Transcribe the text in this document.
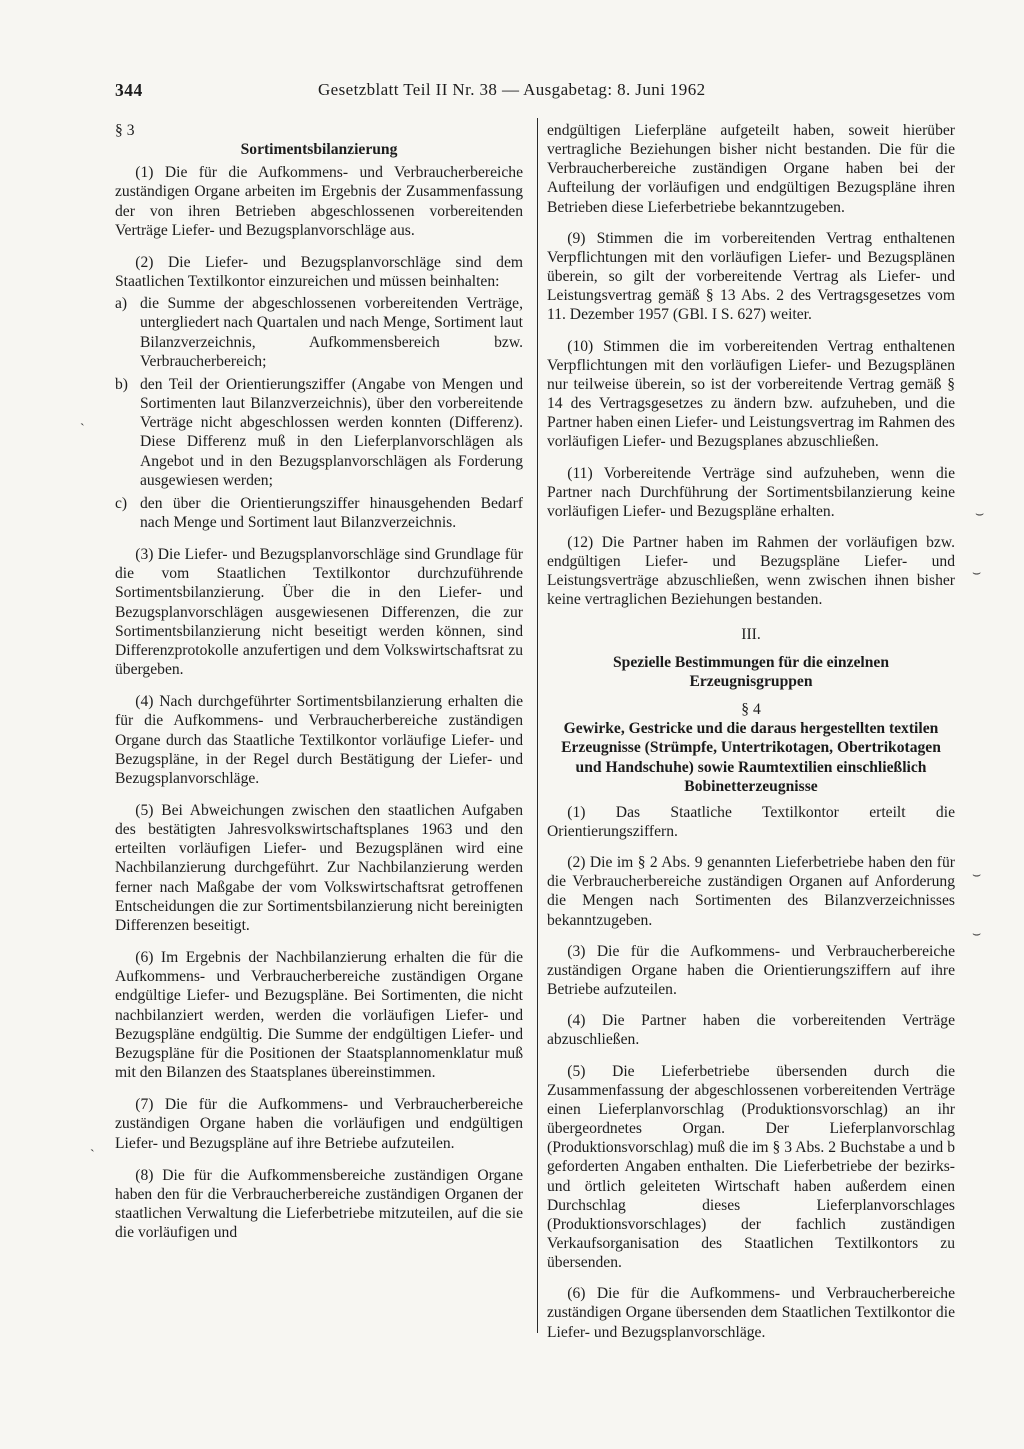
344	Gesetzblatt Teil II Nr. 38 — Ausgabetag: 8. Juni 1962

§ 3

Sortimentsbilanzierung

(1) Die für die Aufkommens- und Verbraucherbereiche zuständigen Organe arbeiten im Ergebnis der Zusammenfassung der von ihren Betrieben abgeschlossenen vorbereitenden Verträge Liefer- und Bezugsplanvorschläge aus.

(2) Die Liefer- und Bezugsplanvorschläge sind dem Staatlichen Textilkontor einzureichen und müssen beinhalten:

a) die Summe der abgeschlossenen vorbereitenden Verträge, untergliedert nach Quartalen und nach Menge, Sortiment laut Bilanzverzeichnis, Aufkommensbereich bzw. Verbraucherbereich;

b) den Teil der Orientierungsziffer (Angabe von Mengen und Sortimenten laut Bilanzverzeichnis), über den vorbereitende Verträge nicht abgeschlossen werden konnten (Differenz). Diese Differenz muß in den Lieferplanvorschlägen als Angebot und in den Bezugsplanvorschlägen als Forderung ausgewiesen werden;

c) den über die Orientierungsziffer hinausgehenden Bedarf nach Menge und Sortiment laut Bilanzverzeichnis.

(3) Die Liefer- und Bezugsplanvorschläge sind Grundlage für die vom Staatlichen Textilkontor durchzuführende Sortimentsbilanzierung. Über die in den Liefer- und Bezugsplanvorschlägen ausgewiesenen Differenzen, die zur Sortimentsbilanzierung nicht beseitigt werden können, sind Differenzprotokolle anzufertigen und dem Volkswirtschaftsrat zu übergeben.

(4) Nach durchgeführter Sortimentsbilanzierung erhalten die für die Aufkommens- und Verbraucherbereiche zuständigen Organe durch das Staatliche Textilkontor vorläufige Liefer- und Bezugspläne, in der Regel durch Bestätigung der Liefer- und Bezugsplanvorschläge.

(5) Bei Abweichungen zwischen den staatlichen Aufgaben des bestätigten Jahresvolkswirtschaftsplanes 1963 und den erteilten vorläufigen Liefer- und Bezugsplänen wird eine Nachbilanzierung durchgeführt. Zur Nachbilanzierung werden ferner nach Maßgabe der vom Volkswirtschaftsrat getroffenen Entscheidungen die zur Sortimentsbilanzierung nicht bereinigten Differenzen beseitigt.

(6) Im Ergebnis der Nachbilanzierung erhalten die für die Aufkommens- und Verbraucherbereiche zuständigen Organe endgültige Liefer- und Bezugspläne. Bei Sortimenten, die nicht nachbilanziert werden, werden die vorläufigen Liefer- und Bezugspläne endgültig. Die Summe der endgültigen Liefer- und Bezugspläne für die Positionen der Staatsplannomenklatur muß mit den Bilanzen des Staatsplanes übereinstimmen.

(7) Die für die Aufkommens- und Verbraucherbereiche zuständigen Organe haben die vorläufigen und endgültigen Liefer- und Bezugspläne auf ihre Betriebe aufzuteilen.

(8) Die für die Aufkommensbereiche zuständigen Organe haben den für die Verbraucherbereiche zuständigen Organen der staatlichen Verwaltung die Lieferbetriebe mitzuteilen, auf die sie die vorläufigen und

endgültigen Lieferpläne aufgeteilt haben, soweit hierüber vertragliche Beziehungen bisher nicht bestanden. Die für die Verbraucherbereiche zuständigen Organe haben bei der Aufteilung der vorläufigen und endgültigen Bezugspläne ihren Betrieben diese Lieferbetriebe bekanntzugeben.

(9) Stimmen die im vorbereitenden Vertrag enthaltenen Verpflichtungen mit den vorläufigen Liefer- und Bezugsplänen überein, so gilt der vorbereitende Vertrag als Liefer- und Leistungsvertrag gemäß § 13 Abs. 2 des Vertragsgesetzes vom 11. Dezember 1957 (GBl. I S. 627) weiter.

(10) Stimmen die im vorbereitenden Vertrag enthaltenen Verpflichtungen mit den vorläufigen Liefer- und Bezugsplänen nur teilweise überein, so ist der vorbereitende Vertrag gemäß § 14 des Vertragsgesetzes zu ändern bzw. aufzuheben, und die Partner haben einen Liefer- und Leistungsvertrag im Rahmen des vorläufigen Liefer- und Bezugsplanes abzuschließen.

(11) Vorbereitende Verträge sind aufzuheben, wenn die Partner nach Durchführung der Sortimentsbilanzierung keine vorläufigen Liefer- und Bezugspläne erhalten.

(12) Die Partner haben im Rahmen der vorläufigen bzw. endgültigen Liefer- und Bezugspläne Liefer- und Leistungsverträge abzuschließen, wenn zwischen ihnen bisher keine vertraglichen Beziehungen bestanden.

III.

Spezielle Bestimmungen für die einzelnen

Erzeugnisgruppen

§ 4

Gewirke, Gestricke und die daraus hergestellten textilen Erzeugnisse (Strümpfe, Untertrikotagen, Obertrikotagen und Handschuhe) sowie Raumtextilien einschließlich Bobinetterzeugnisse

(1) Das Staatliche Textilkontor erteilt die Orientierungsziffern.

(2) Die im § 2 Abs. 9 genannten Lieferbetriebe haben den für die Verbraucherbereiche zuständigen Organen auf Anforderung die Mengen nach Sortimenten des Bilanzverzeichnisses bekanntzugeben.

(3) Die für die Aufkommens- und Verbraucherbereiche zuständigen Organe haben die Orientierungsziffern auf ihre Betriebe aufzuteilen.

(4) Die Partner haben die vorbereitenden Verträge abzuschließen.

(5) Die Lieferbetriebe übersenden durch die Zusammenfassung der abgeschlossenen vorbereitenden Verträge einen Lieferplanvorschlag (Produktionsvorschlag) an ihr übergeordnetes Organ. Der Lieferplanvorschlag (Produktionsvorschlag) muß die im § 3 Abs. 2 Buchstabe a und b geforderten Angaben enthalten. Die Lieferbetriebe der bezirks- und örtlich geleiteten Wirtschaft haben außerdem einen Durchschlag dieses Lieferplanvorschlages (Produktionsvorschlages) der fachlich zuständigen Verkaufsorganisation des Staatlichen Textilkontors zu übersenden.

(6) Die für die Aufkommens- und Verbraucherbereiche zuständigen Organe übersenden dem Staatlichen Textilkontor die Liefer- und Bezugsplanvorschläge.

ˋ
ˋ
⌣
⌣
⌣
⌣
